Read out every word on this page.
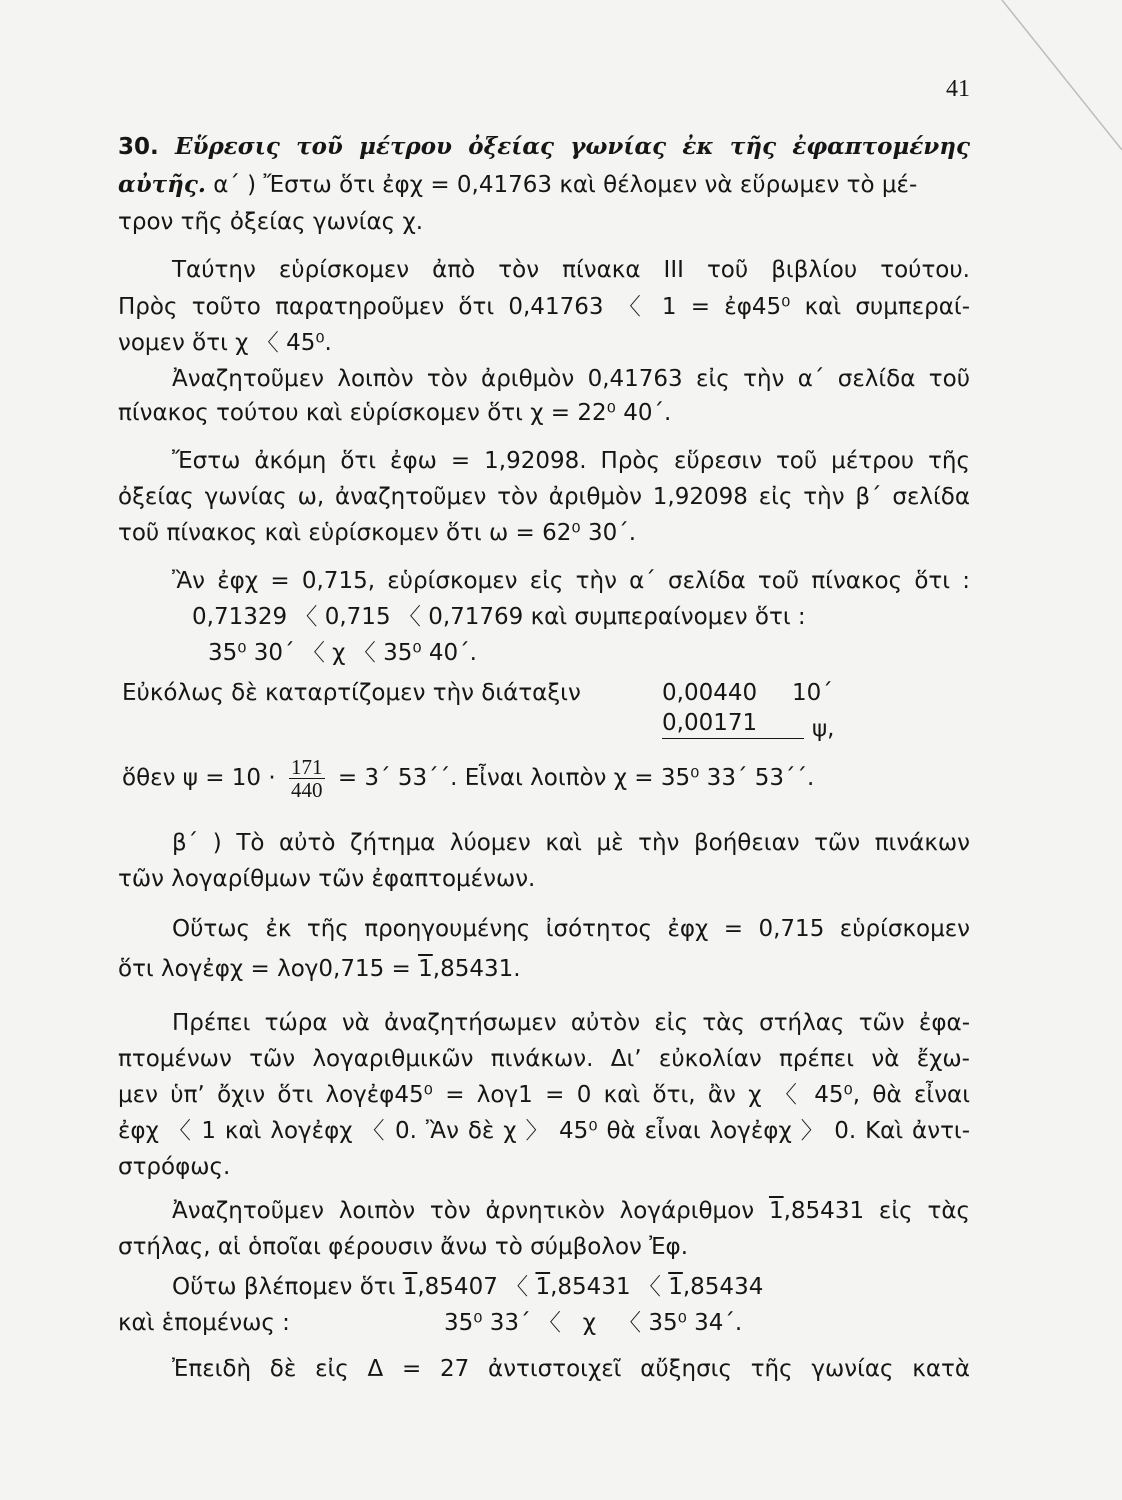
41
30. Εὕρεσις τοῦ μέτρου ὀξείας γωνίας ἐκ τῆς ἐφαπτομένης
αὐτῆς. α΄ ) Ἔστω ὅτι ἐφχ = 0,41763 καὶ θέλομεν νὰ εὕρωμεν τὸ μέ-
τρον τῆς ὀξείας γωνίας χ.
Ταύτην εὑρίσκομεν ἀπὸ τὸν πίνακα III τοῦ βιβλίου τούτου.
Πρὸς τοῦτο παρατηροῦμεν ὅτι 0,41763 〈 1 = ἐφ45⁰ καὶ συμπεραί-
νομεν ὅτι χ 〈 45⁰.
Ἀναζητοῦμεν λοιπὸν τὸν ἀριθμὸν 0,41763 εἰς τὴν α΄ σελίδα τοῦ
πίνακος τούτου καὶ εὑρίσκομεν ὅτι χ = 22⁰ 40΄.
Ἔστω ἀκόμη ὅτι ἐφω = 1,92098. Πρὸς εὕρεσιν τοῦ μέτρου τῆς
ὀξείας γωνίας ω, ἀναζητοῦμεν τὸν ἀριθμὸν 1,92098 εἰς τὴν β΄ σελίδα
τοῦ πίνακος καὶ εὑρίσκομεν ὅτι ω = 62⁰ 30΄.
Ἂν ἐφχ = 0,715, εὑρίσκομεν εἰς τὴν α΄ σελίδα τοῦ πίνακος ὅτι :
0,71329 〈 0,715 〈 0,71769 καὶ συμπεραίνομεν ὅτι :
35⁰ 30΄ 〈 χ 〈 35⁰ 40΄.
Εὐκόλως δὲ καταρτίζομεν τὴν διάταξιν	0,00440 10΄
0,00171	ψ,
ὅθεν $\psi = 10 \cdot \frac{171}{440} = 3΄$ 53΄΄. Εἶναι λοιπὸν χ = 35⁰ 33΄ 53΄΄.
β΄ ) Τὸ αὐτὸ ζήτημα λύομεν καὶ μὲ τὴν βοήθειαν τῶν πινάκων
τῶν λογαρίθμων τῶν ἐφαπτομένων.
Οὕτως ἐκ τῆς προηγουμένης ἰσότητος ἐφχ = 0,715 εὑρίσκομεν
ὅτι λογἐφχ = λογ0,715 = 1,85431.
Πρέπει τώρα νὰ ἀναζητήσωμεν αὐτὸν εἰς τὰς στήλας τῶν ἐφα-
πτομένων τῶν λογαριθμικῶν πινάκων. Διʼ εὐκολίαν πρέπει νὰ ἔχω-
μεν ὑπʼ ὄχιν ὅτι λογἐφ45⁰ = λογ1 = 0 καὶ ὅτι, ἂν χ 〈 45⁰, θὰ εἶναι
ἐφχ 〈 1 καὶ λογἐφχ 〈 0. Ἂν δὲ χ 〉 45⁰ θὰ εἶναι λογἐφχ 〉 0. Καὶ ἀντι-
στρόφως.
Ἀναζητοῦμεν λοιπὸν τὸν ἀρνητικὸν λογάριθμον 1,85431 εἰς τὰς
στήλας, αἱ ὁποῖαι φέρουσιν ἄνω τὸ σύμβολον Ἐφ.
Οὕτω βλέπομεν ὅτι 1,85407 〈 1,85431 〈 1,85434
καὶ ἑπομένως :	35⁰ 33΄ 〈   χ   〈 35⁰ 34΄.
Ἐπειδὴ δὲ εἰς Δ = 27 ἀντιστοιχεῖ αὔξησις τῆς γωνίας κατὰ
